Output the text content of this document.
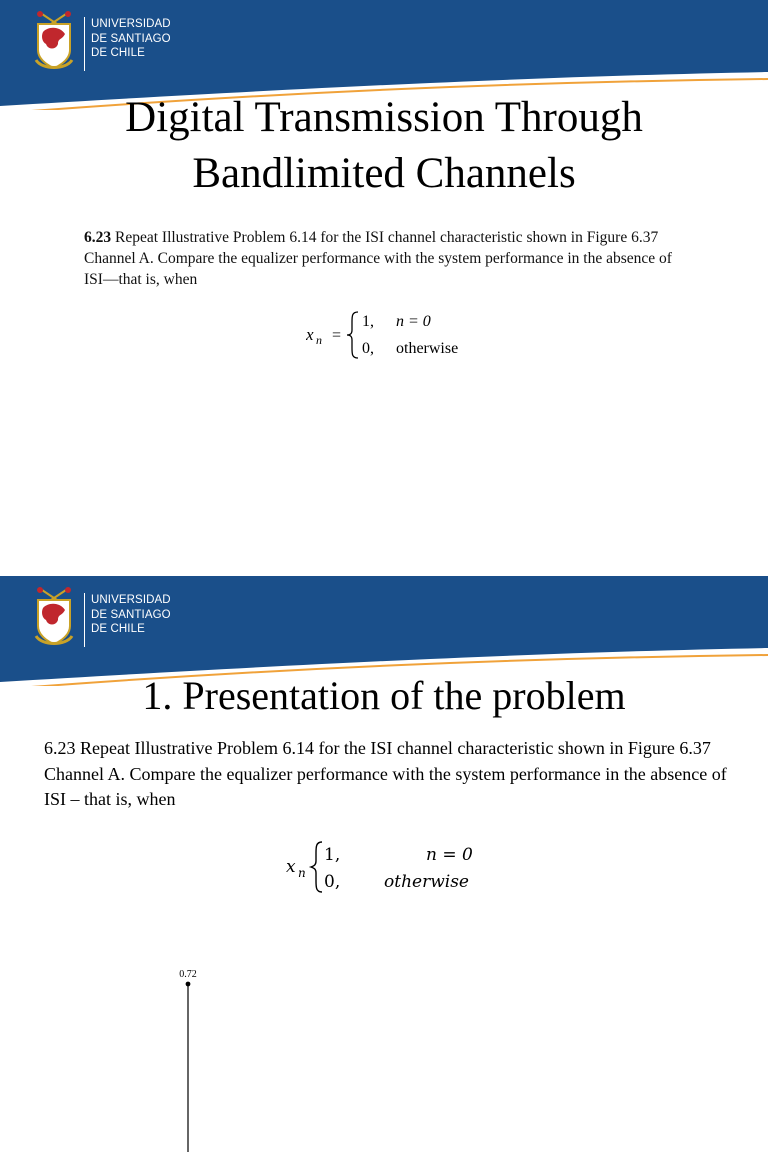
UNIVERSIDAD
DE SANTIAGO
DE CHILE
Digital Transmission Through
Bandlimited Channels
6.23 Repeat Illustrative Problem 6.14 for the ISI channel characteristic shown in Figure 6.37 Channel A. Compare the equalizer performance with the system performance in the absence of ISI—that is, when
x n =
1, n = 0
0, otherwise
UNIVERSIDAD
DE SANTIAGO
DE CHILE
1. Presentation of the problem
6.23 Repeat Illustrative Problem 6.14 for the ISI channel characteristic shown in Figure 6.37 Channel A. Compare the equalizer performance with the system performance in the absence of ISI – that is, when
x n
1,	n = 0
0,	otherwise
0.72
